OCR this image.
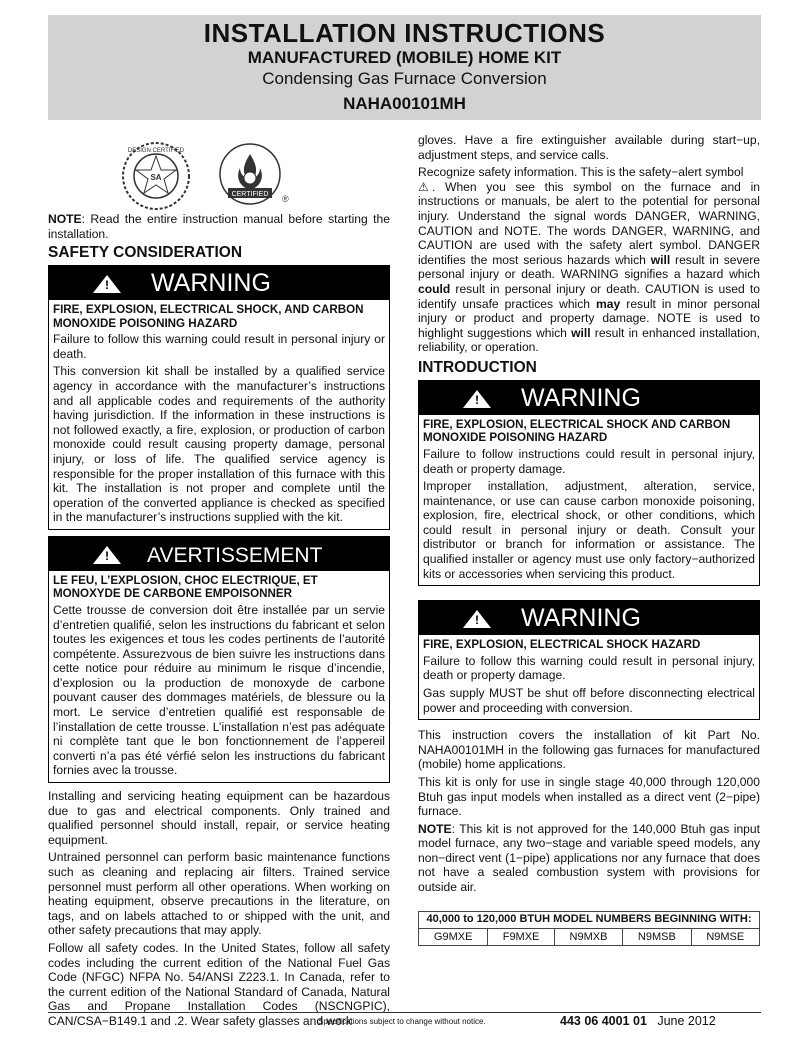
INSTALLATION INSTRUCTIONS
MANUFACTURED (MOBILE) HOME KIT
Condensing Gas Furnace Conversion
NAHA00101MH
SA
DESIGN CERTIFIED
CERTIFIED ®

NOTE: Read the entire instruction manual before starting the installation.

SAFETY CONSIDERATION
!
WARNING
FIRE, EXPLOSION, ELECTRICAL SHOCK, AND CARBON MONOXIDE POISONING HAZARD

Failure to follow this warning could result in personal injury or death.

This conversion kit shall be installed by a qualified service agency in accordance with the manufacturer’s instructions and all applicable codes and requirements of the authority having jurisdiction. If the information in these instructions is not followed exactly, a fire, explosion, or production of carbon monoxide could result causing property damage, personal injury, or loss of life. The qualified service agency is responsible for the proper installation of this furnace with this kit. The installation is not proper and complete until the operation of the converted appliance is checked as specified in the manufacturer’s instructions supplied with the kit.

!
AVERTISSEMENT
LE FEU, L’EXPLOSION, CHOC ELECTRIQUE, ET MONOXYDE DE CARBONE EMPOISONNER

Cette trousse de conversion doit être installée par un servie d’entretien qualifié, selon les instructions du fabricant et selon toutes les exigences et tous les codes pertinents de l’autorité compétente. Assurezvous de bien suivre les instructions dans cette notice pour réduire au minimum le risque d’incendie, d’explosion ou la production de monoxyde de carbone pouvant causer des dommages matériels, de blessure ou la mort. Le service d’entretien qualifié est responsable de l’installation de cette trousse. L’installation n’est pas adéquate ni complète tant que le bon fonctionnement de l’appereil converti n’a pas été vérfié selon les instructions du fabricant fornies avec la trousse.

Installing and servicing heating equipment can be hazardous due to gas and electrical components. Only trained and qualified personnel should install, repair, or service heating equipment.

Untrained personnel can perform basic maintenance functions such as cleaning and replacing air filters. Trained service personnel must perform all other operations. When working on heating equipment, observe precautions in the literature, on tags, and on labels attached to or shipped with the unit, and other safety precautions that may apply.

Follow all safety codes. In the United States, follow all safety codes including the current edition of the National Fuel Gas Code (NFGC) NFPA No. 54/ANSI Z223.1. In Canada, refer to the current edition of the National Standard of Canada, Natural Gas and Propane Installation Codes (NSCNGPIC), CAN/CSA−B149.1 and .2. Wear safety glasses and work

gloves. Have a fire extinguisher available during start−up, adjustment steps, and service calls.

Recognize safety information. This is the safety−alert symbol

⚠ . When you see this symbol on the furnace and in instructions or manuals, be alert to the potential for personal injury. Understand the signal words DANGER, WARNING, CAUTION and NOTE. The words DANGER, WARNING, and CAUTION are used with the safety alert symbol. DANGER identifies the most serious hazards which will result in severe personal injury or death. WARNING signifies a hazard which could result in personal injury or death. CAUTION is used to identify unsafe practices which may result in minor personal injury or product and property damage. NOTE is used to highlight suggestions which will result in enhanced installation, reliability, or operation.

INTRODUCTION
!
WARNING
FIRE, EXPLOSION, ELECTRICAL SHOCK AND CARBON MONOXIDE POISONING HAZARD

Failure to follow instructions could result in personal injury, death or property damage.

Improper installation, adjustment, alteration, service, maintenance, or use can cause carbon monoxide poisoning, explosion, fire, electrical shock, or other conditions, which could result in personal injury or death. Consult your distributor or branch for information or assistance. The qualified installer or agency must use only factory−authorized kits or accessories when servicing this product.

!
WARNING
FIRE, EXPLOSION, ELECTRICAL SHOCK HAZARD

Failure to follow this warning could result in personal injury, death or property damage.

Gas supply MUST be shut off before disconnecting electrical power and proceeding with conversion.

This instruction covers the installation of kit Part No. NAHA00101MH in the following gas furnaces for manufactured (mobile) home applications.

This kit is only for use in single stage 40,000 through 120,000 Btuh gas input models when installed as a direct vent (2−pipe) furnace.

NOTE: This kit is not approved for the 140,000 Btuh gas input model furnace, any two−stage and variable speed models, any non−direct vent (1−pipe) applications nor any furnace that does not have a sealed combustion system with provisions for outside air.

40,000 to 120,000 BTUH MODEL NUMBERS BEGINNING WITH:
G9MXE	F9MXE	N9MXB	N9MSB	N9MSE
Specifications subject to change without notice.	443 06 4001 01 June 2012
